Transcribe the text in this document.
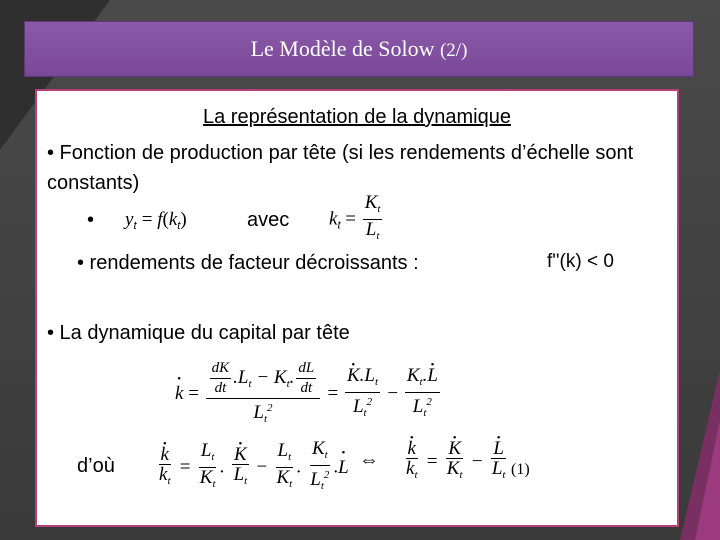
Le Modèle de Solow (2/)
La représentation de la dynamique
• Fonction de production par tête (si les rendements d’échelle sont constants)
• $y_t = f(k_t)$	avec $k_t = \frac{K_t}{L_t}$
• rendements de facteur décroissants :	f''(k) < 0
• La dynamique du capital par tête
• $k = \frac{\frac{dK}{dt} .L_t - K_t. \frac{dL}{dt}}{L_t^2}$ = • $\frac{K.L_t}{L_t^2} - \frac{K_t.• L}{L_t^2}$
d’où • $\frac{k}{k_t} = \frac{L_t}{K_t}$ . • $\frac{K}{L_t} - \frac{L_t}{K_t}$ . $\frac{K_t}{L_t^2}$ .• L ⇔ • $\frac{k}{k_t}$ = • $\frac{K}{K_t}$ − • $\frac{L}{L_t} (1)$
